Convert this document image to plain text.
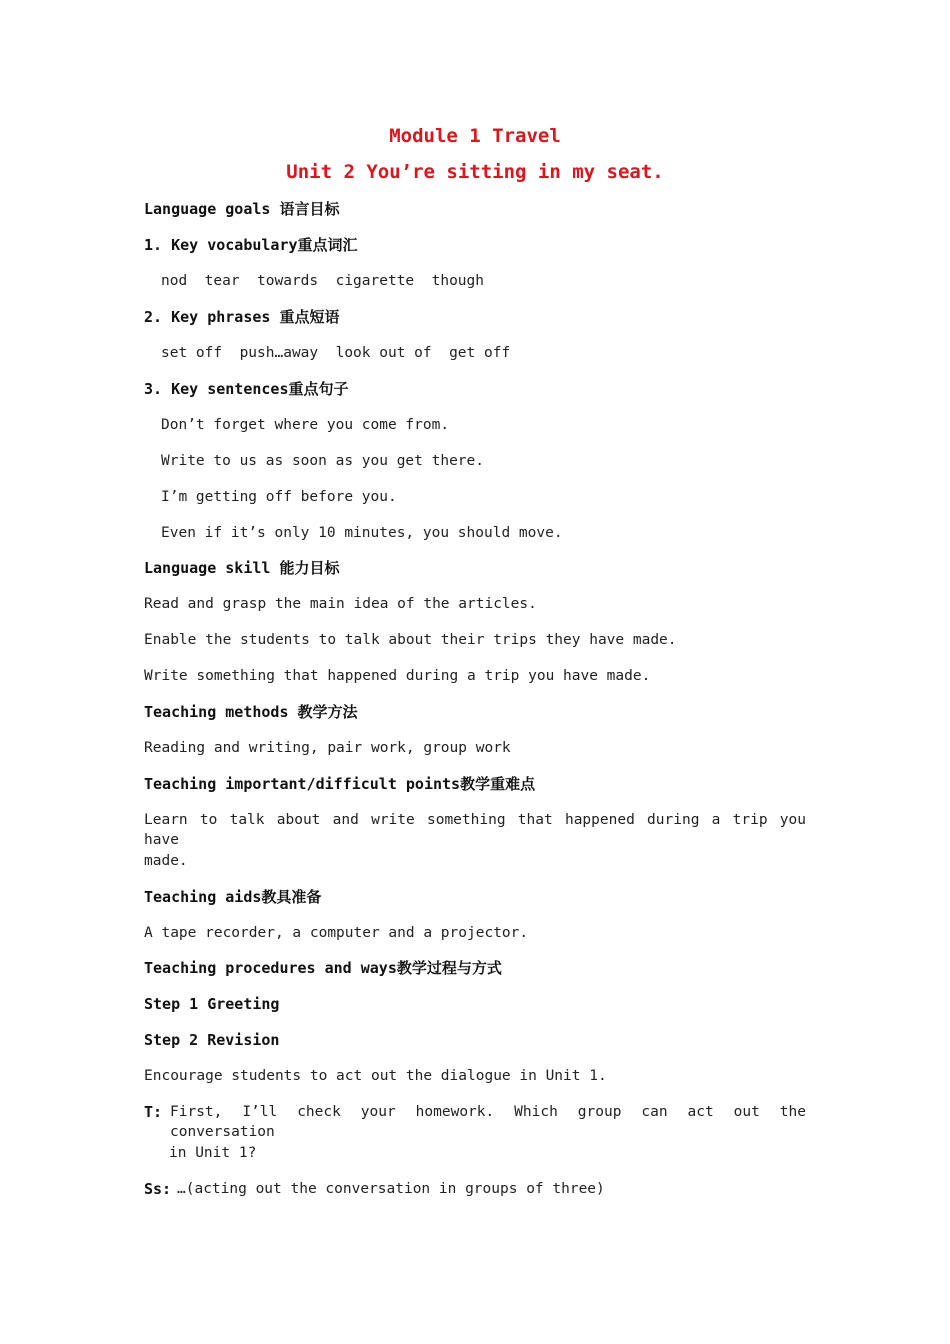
Module 1 Travel
Unit 2 You’re sitting in my seat.
Language goals 语言目标
1. Key vocabulary重点词汇
nod  tear  towards  cigarette  though
2. Key phrases 重点短语
set off  push…away  look out of  get off
3. Key sentences重点句子
Don’t forget where you come from.
Write to us as soon as you get there.
I’m getting off before you.
Even if it’s only 10 minutes, you should move.
Language skill 能力目标
Read and grasp the main idea of the articles.
Enable the students to talk about their trips they have made.
Write something that happened during a trip you have made.
Teaching methods 教学方法
Reading and writing, pair work, group work
Teaching important/difficult points教学重难点
Learn to talk about and write something that happened during a trip you have
made.
Teaching aids教具准备
A tape recorder, a computer and a projector.
Teaching procedures and ways教学过程与方式
Step 1 Greeting
Step 2 Revision
Encourage students to act out the dialogue in Unit 1.
T: First, I’ll check your homework. Which group can act out the conversation
in Unit 1?
Ss: …(acting out the conversation in groups of three)
